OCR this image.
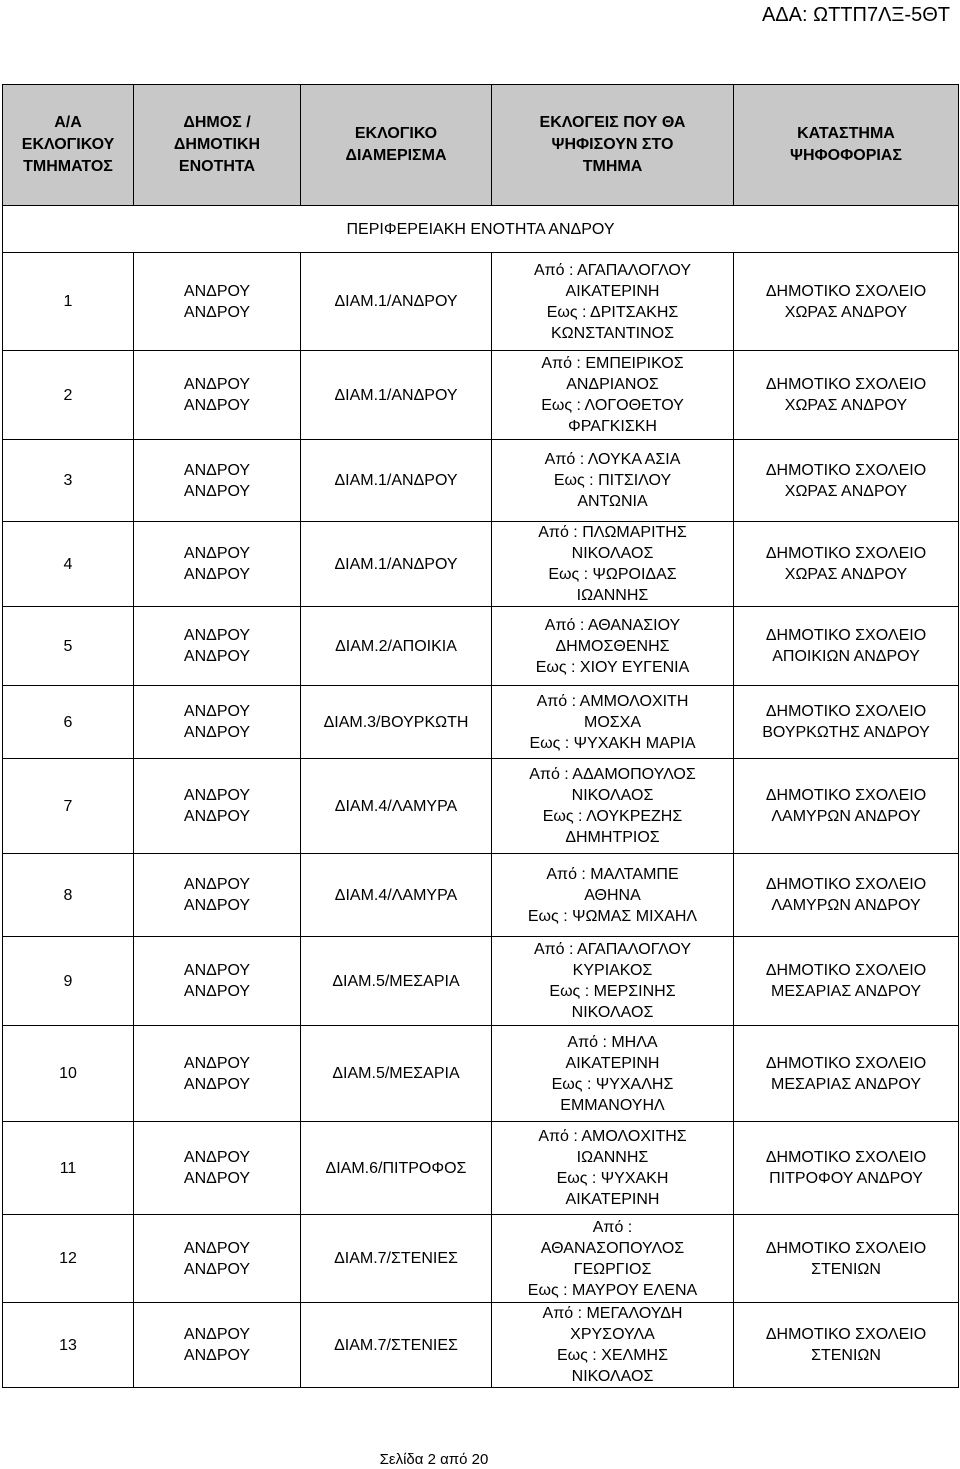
ΑΔΑ: ΩΤΤΠ7ΛΞ-5ΘΤ
Α/Α
ΕΚΛΟΓΙΚΟΥ
ΤΜΗΜΑΤΟΣ	ΔΗΜΟΣ /
ΔΗΜΟΤΙΚΗ
ΕΝΟΤΗΤΑ	ΕΚΛΟΓΙΚΟ
ΔΙΑΜΕΡΙΣΜΑ	ΕΚΛΟΓΕΙΣ ΠΟΥ ΘΑ
ΨΗΦΙΣΟΥΝ ΣΤΟ
ΤΜΗΜΑ	ΚΑΤΑΣΤΗΜΑ
ΨΗΦΟΦΟΡΙΑΣ

ΠΕΡΙΦΕΡΕΙΑΚΗ ΕΝΟΤΗΤΑ ΑΝΔΡΟΥ				
1	ΑΝΔΡΟΥ
ΑΝΔΡΟΥ	ΔΙΑΜ.1/ΑΝΔΡΟΥ	Από : ΑΓΑΠΑΛΟΓΛΟΥ
ΑΙΚΑΤΕΡΙΝΗ
Εως : ΔΡΙΤΣΑΚΗΣ
ΚΩΝΣΤΑΝΤΙΝΟΣ	ΔΗΜΟΤΙΚΟ ΣΧΟΛΕΙΟ
ΧΩΡΑΣ ΑΝΔΡΟΥ

2	ΑΝΔΡΟΥ
ΑΝΔΡΟΥ	ΔΙΑΜ.1/ΑΝΔΡΟΥ	Από : ΕΜΠΕΙΡΙΚΟΣ
ΑΝΔΡΙΑΝΟΣ
Εως : ΛΟΓΟΘΕΤΟΥ
ΦΡΑΓΚΙΣΚΗ	ΔΗΜΟΤΙΚΟ ΣΧΟΛΕΙΟ
ΧΩΡΑΣ ΑΝΔΡΟΥ

3	ΑΝΔΡΟΥ
ΑΝΔΡΟΥ	ΔΙΑΜ.1/ΑΝΔΡΟΥ	Από : ΛΟΥΚΑ ΑΣΙΑ
Εως : ΠΙΤΣΙΛΟΥ
ΑΝΤΩΝΙΑ	ΔΗΜΟΤΙΚΟ ΣΧΟΛΕΙΟ
ΧΩΡΑΣ ΑΝΔΡΟΥ

4	ΑΝΔΡΟΥ
ΑΝΔΡΟΥ	ΔΙΑΜ.1/ΑΝΔΡΟΥ	Από : ΠΛΩΜΑΡΙΤΗΣ
ΝΙΚΟΛΑΟΣ
Εως : ΨΩΡΟΙΔΑΣ
ΙΩΑΝΝΗΣ	ΔΗΜΟΤΙΚΟ ΣΧΟΛΕΙΟ
ΧΩΡΑΣ ΑΝΔΡΟΥ

5	ΑΝΔΡΟΥ
ΑΝΔΡΟΥ	ΔΙΑΜ.2/ΑΠΟΙΚΙΑ	Από : ΑΘΑΝΑΣΙΟΥ
ΔΗΜΟΣΘΕΝΗΣ
Εως : ΧΙΟΥ ΕΥΓΕΝΙΑ	ΔΗΜΟΤΙΚΟ ΣΧΟΛΕΙΟ
ΑΠΟΙΚΙΩΝ ΑΝΔΡΟΥ

6	ΑΝΔΡΟΥ
ΑΝΔΡΟΥ	ΔΙΑΜ.3/ΒΟΥΡΚΩΤΗ	Από : ΑΜΜΟΛΟΧΙΤΗ
ΜΟΣΧΑ
Εως : ΨΥΧΑΚΗ ΜΑΡΙΑ	ΔΗΜΟΤΙΚΟ ΣΧΟΛΕΙΟ
ΒΟΥΡΚΩΤΗΣ ΑΝΔΡΟΥ

7	ΑΝΔΡΟΥ
ΑΝΔΡΟΥ	ΔΙΑΜ.4/ΛΑΜΥΡΑ	Από : ΑΔΑΜΟΠΟΥΛΟΣ
ΝΙΚΟΛΑΟΣ
Εως : ΛΟΥΚΡΕΖΗΣ
ΔΗΜΗΤΡΙΟΣ	ΔΗΜΟΤΙΚΟ ΣΧΟΛΕΙΟ
ΛΑΜΥΡΩΝ ΑΝΔΡΟΥ

8	ΑΝΔΡΟΥ
ΑΝΔΡΟΥ	ΔΙΑΜ.4/ΛΑΜΥΡΑ	Από : ΜΑΛΤΑΜΠΕ
ΑΘΗΝΑ
Εως : ΨΩΜΑΣ ΜΙΧΑΗΛ	ΔΗΜΟΤΙΚΟ ΣΧΟΛΕΙΟ
ΛΑΜΥΡΩΝ ΑΝΔΡΟΥ

9	ΑΝΔΡΟΥ
ΑΝΔΡΟΥ	ΔΙΑΜ.5/ΜΕΣΑΡΙΑ	Από : ΑΓΑΠΑΛΟΓΛΟΥ
ΚΥΡΙΑΚΟΣ
Εως : ΜΕΡΣΙΝΗΣ
ΝΙΚΟΛΑΟΣ	ΔΗΜΟΤΙΚΟ ΣΧΟΛΕΙΟ
ΜΕΣΑΡΙΑΣ ΑΝΔΡΟΥ

10	ΑΝΔΡΟΥ
ΑΝΔΡΟΥ	ΔΙΑΜ.5/ΜΕΣΑΡΙΑ	Από : ΜΗΛΑ
ΑΙΚΑΤΕΡΙΝΗ
Εως : ΨΥΧΑΛΗΣ
ΕΜΜΑΝΟΥΗΛ	ΔΗΜΟΤΙΚΟ ΣΧΟΛΕΙΟ
ΜΕΣΑΡΙΑΣ ΑΝΔΡΟΥ

11	ΑΝΔΡΟΥ
ΑΝΔΡΟΥ	ΔΙΑΜ.6/ΠΙΤΡΟΦΟΣ	Από : ΑΜΟΛΟΧΙΤΗΣ
ΙΩΑΝΝΗΣ
Εως : ΨΥΧΑΚΗ
ΑΙΚΑΤΕΡΙΝΗ	ΔΗΜΟΤΙΚΟ ΣΧΟΛΕΙΟ
ΠΙΤΡΟΦΟΥ ΑΝΔΡΟΥ

12	ΑΝΔΡΟΥ
ΑΝΔΡΟΥ	ΔΙΑΜ.7/ΣΤΕΝΙΕΣ	Από :
ΑΘΑΝΑΣΟΠΟΥΛΟΣ
ΓΕΩΡΓΙΟΣ
Εως : ΜΑΥΡΟΥ ΕΛΕΝΑ	ΔΗΜΟΤΙΚΟ ΣΧΟΛΕΙΟ
ΣΤΕΝΙΩΝ

13	ΑΝΔΡΟΥ
ΑΝΔΡΟΥ	ΔΙΑΜ.7/ΣΤΕΝΙΕΣ	Από : ΜΕΓΑΛΟΥΔΗ
ΧΡΥΣΟΥΛΑ
Εως : ΧΕΛΜΗΣ
ΝΙΚΟΛΑΟΣ	ΔΗΜΟΤΙΚΟ ΣΧΟΛΕΙΟ
ΣΤΕΝΙΩΝ
Σελίδα 2 από 20
